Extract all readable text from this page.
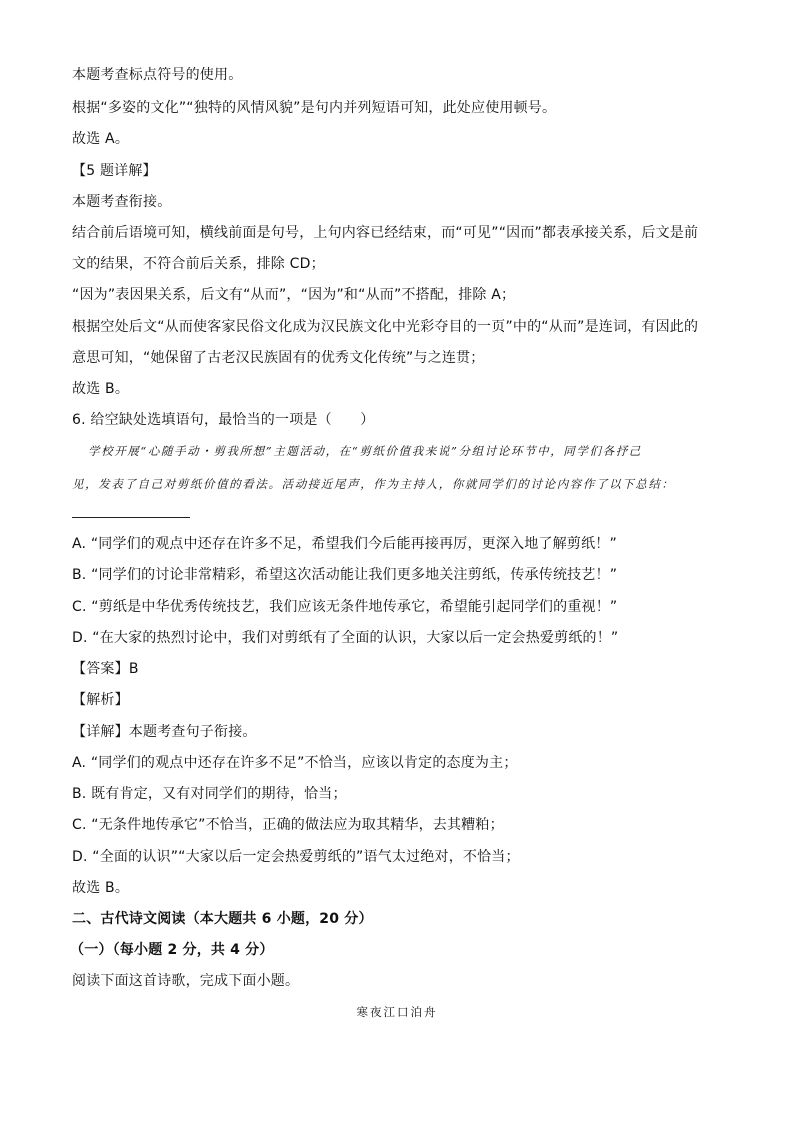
本题考查标点符号的使用。
根据“多姿的文化”“独特的风情风貌”是句内并列短语可知，此处应使用顿号。
故选 A。
【5 题详解】
本题考查衔接。
结合前后语境可知，横线前面是句号，上句内容已经结束，而“可见”“因而”都表承接关系，后文是前
文的结果，不符合前后关系，排除 CD；
“因为”表因果关系，后文有“从而”，“因为”和“从而”不搭配，排除 A；
根据空处后文“从而使客家民俗文化成为汉民族文化中光彩夺目的一页”中的“从而”是连词，有因此的
意思可知，“她保留了古老汉民族固有的优秀文化传统”与之连贯；
故选 B。
6. 给空缺处选填语句，最恰当的一项是（　　）
学校开展“心随手动・剪我所想”主题活动，在“剪纸价值我来说”分组讨论环节中，同学们各抒己
见，发表了自己对剪纸价值的看法。活动接近尾声，作为主持人，你就同学们的讨论内容作了以下总结：
A. “同学们的观点中还存在许多不足，希望我们今后能再接再厉，更深入地了解剪纸！”
B. “同学们的讨论非常精彩，希望这次活动能让我们更多地关注剪纸，传承传统技艺！”
C. “剪纸是中华优秀传统技艺，我们应该无条件地传承它，希望能引起同学们的重视！”
D. “在大家的热烈讨论中，我们对剪纸有了全面的认识，大家以后一定会热爱剪纸的！”
【答案】B
【解析】
【详解】本题考查句子衔接。
A. “同学们的观点中还存在许多不足”不恰当，应该以肯定的态度为主；
B. 既有肯定，又有对同学们的期待，恰当；
C. “无条件地传承它”不恰当，正确的做法应为取其精华，去其糟粕；
D. “全面的认识”“大家以后一定会热爱剪纸的”语气太过绝对，不恰当；
故选 B。
二、古代诗文阅读（本大题共 6 小题，20 分）
（一）（每小题 2 分，共 4 分）
阅读下面这首诗歌，完成下面小题。
寒夜江口泊舟
